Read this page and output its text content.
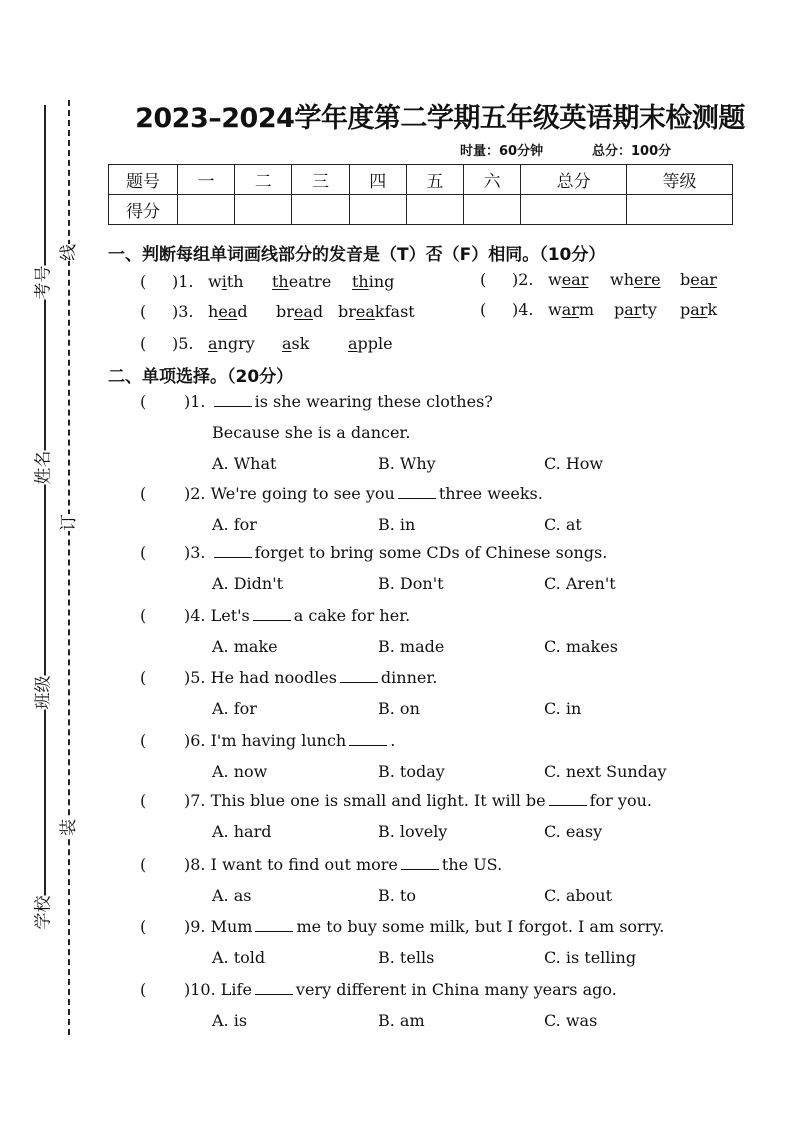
考号
姓名
班级
学校
线
订
装
2023–2024学年度第二学期五年级英语期末检测题
时量：60分钟	总分：100分
题号	一	二	三	四	五	六	总分	等级
得分								
一、判断每组单词画线部分的发音是（T）否（F）相同。（10分）
( )1. with theatre thing	( )2. wear where bear
( )3. head bread breakfast	( )4. warm party park
( )5. angry ask apple
二、单项选择。（20分）
( )1.	is she wearing these clothes?
Because she is a dancer.
A. What	B. Why	C. How
( )2. We're going to see you	three weeks.
A. for	B. in	C. at
( )3.	forget to bring some CDs of Chinese songs.
A. Didn't	B. Don't	C. Aren't
( )4. Let's	a cake for her.
A. make	B. made	C. makes
( )5. He had noodles	dinner.
A. for	B. on	C. in
( )6. I'm having lunch	.
A. now	B. today	C. next Sunday
( )7. This blue one is small and light. It will be	for you.
A. hard	B. lovely	C. easy
( )8. I want to find out more	the US.
A. as	B. to	C. about
( )9. Mum	me to buy some milk, but I forgot. I am sorry.
A. told	B. tells	C. is telling
( )10. Life	very different in China many years ago.
A. is	B. am	C. was
